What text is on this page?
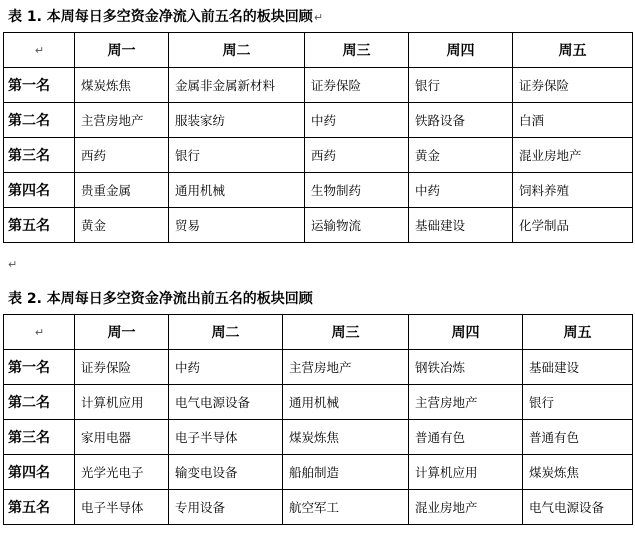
表 1. 本周每日多空资金净流入前五名的板块回顾↵
↵	周一	周二	周三	周四	周五
第一名	煤炭炼焦	金属非金属新材料	证券保险	银行	证券保险
第二名	主营房地产	服装家纺	中药	铁路设备	白酒
第三名	西药	银行	西药	黄金	混业房地产
第四名	贵重金属	通用机械	生物制药	中药	饲料养殖
第五名	黄金	贸易	运输物流	基础建设	化学制品
↵
表 2. 本周每日多空资金净流出前五名的板块回顾
↵	周一	周二	周三	周四	周五
第一名	证券保险	中药	主营房地产	钢铁冶炼	基础建设
第二名	计算机应用	电气电源设备	通用机械	主营房地产	银行
第三名	家用电器	电子半导体	煤炭炼焦	普通有色	普通有色
第四名	光学光电子	输变电设备	船舶制造	计算机应用	煤炭炼焦
第五名	电子半导体	专用设备	航空军工	混业房地产	电气电源设备
